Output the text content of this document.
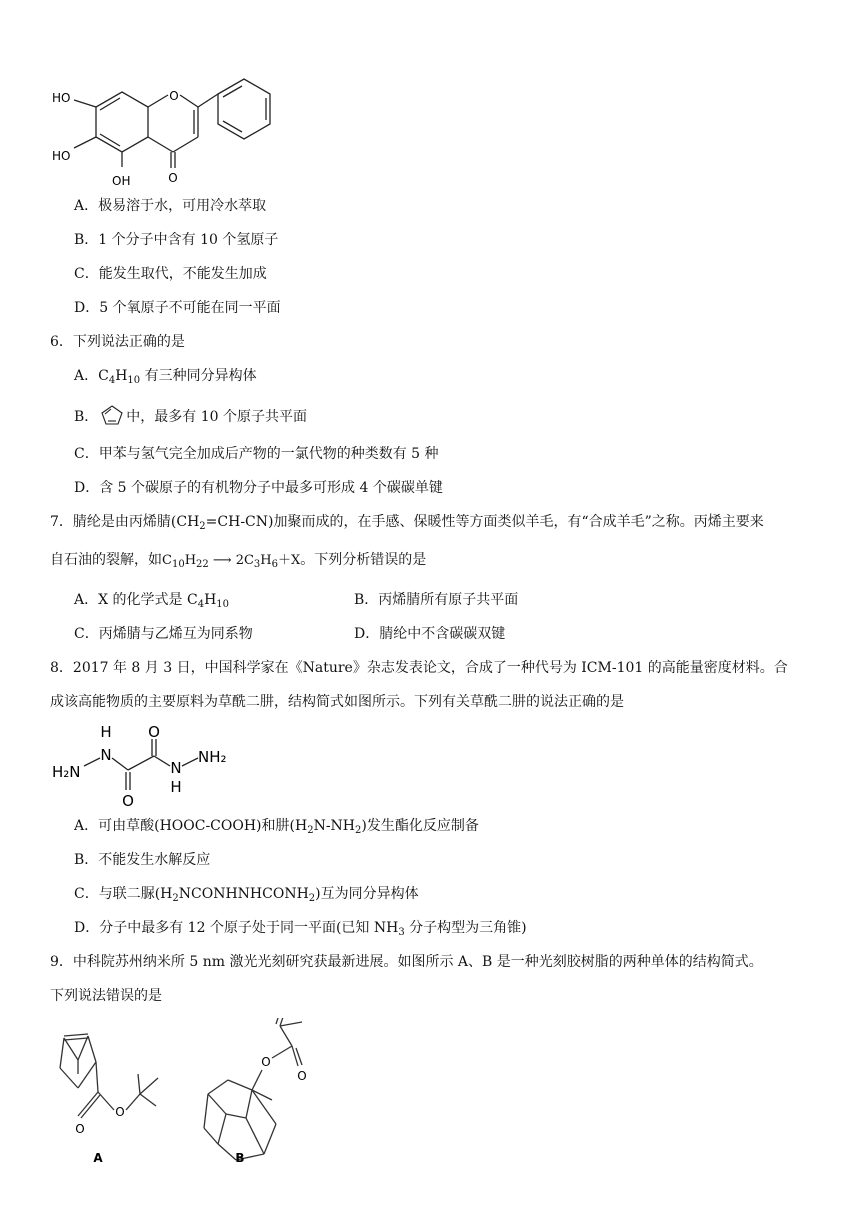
O
O
HO
HO
OH
A．极易溶于水，可用冷水萃取
B．1 个分子中含有 10 个氢原子
C．能发生取代，不能发生加成
D．5 个氧原子不可能在同一平面
6．下列说法正确的是
A．$C_4H_{10}$ 有三种同分异构体
B． 中，最多有 10 个原子共平面
C．甲苯与氢气完全加成后产物的一氯代物的种类数有 5 种
D．含 5 个碳原子的有机物分子中最多可形成 4 个碳碳单键
7．腈纶是由丙烯腈$(CH_2=CH-CN)$加聚而成的，在手感、保暖性等方面类似羊毛，有“合成羊毛”之称。丙烯主要来
自石油的裂解，如$C_{10}H_{22}$ ⟶ $2C_3H_6+X$。下列分析错误的是
A．X 的化学式是 $C_4H_{10}$	B．丙烯腈所有原子共平面
C．丙烯腈与乙烯互为同系物	D．腈纶中不含碳碳双键
8．2017 年 8 月 3 日，中国科学家在《Nature》杂志发表论文，合成了一种代号为 ICM-101 的高能量密度材料。合
成该高能物质的主要原料为草酰二肼，结构简式如图所示。下列有关草酰二肼的说法正确的是
H₂N
H
N
O
O
N
H
NH₂
A．可由草酸(HOOC-COOH)和肼$(H_2N-NH_2)$发生酯化反应制备
B．不能发生水解反应
C．与联二脲$(H_2NCONHNHCONH_2)$互为同分异构体
D．分子中最多有 12 个原子处于同一平面(已知 $NH_3$ 分子构型为三角锥)
9．中科院苏州纳米所 5 nm 激光光刻研究获最新进展。如图所示 A、B 是一种光刻胶树脂的两种单体的结构简式。
下列说法错误的是
O
O
O
O
A	B
